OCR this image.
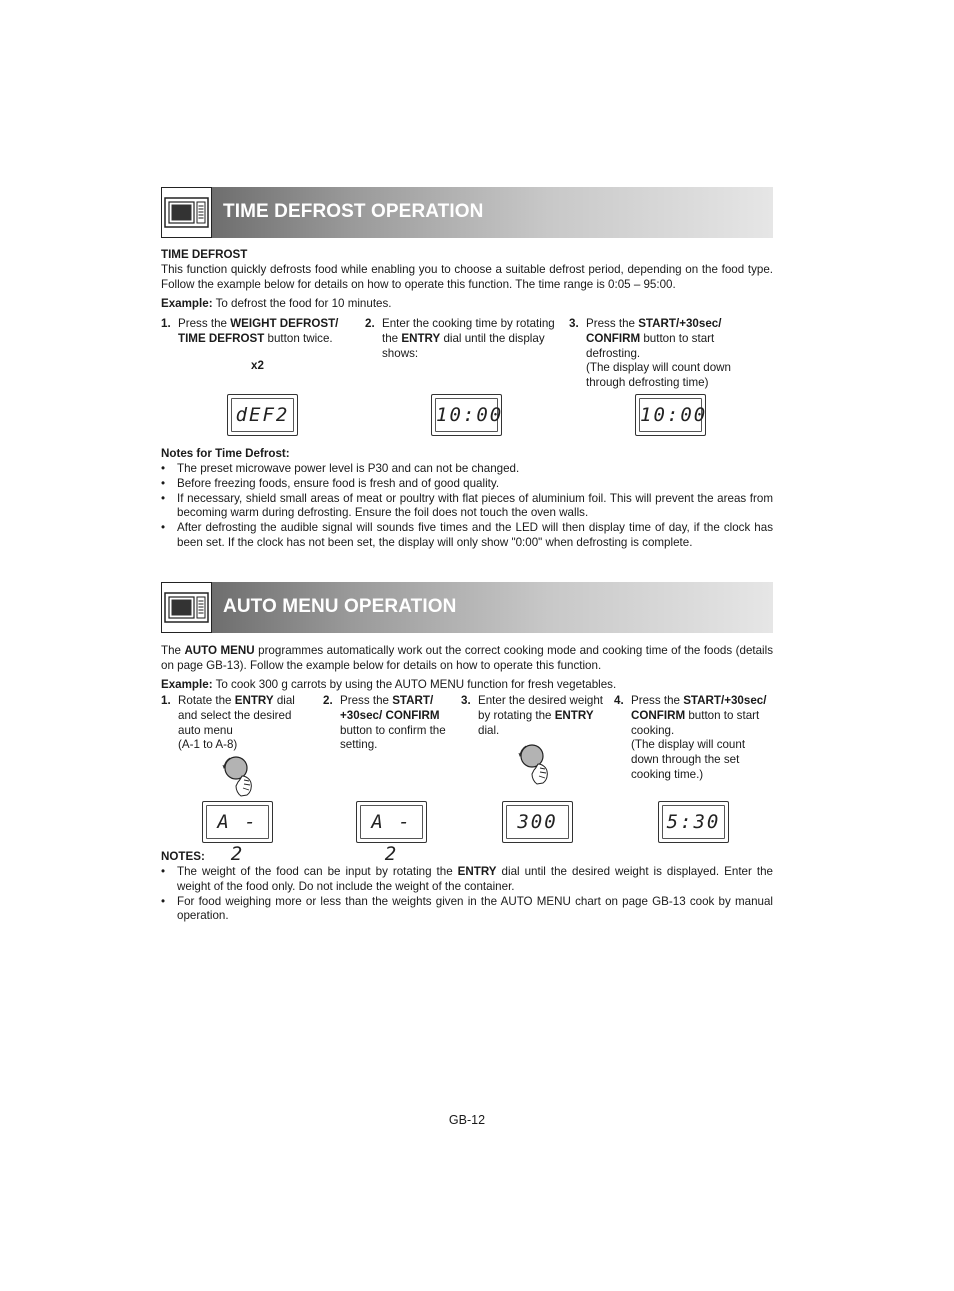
TIME DEFROST OPERATION
TIME DEFROST
This function quickly defrosts food while enabling you to choose a suitable defrost period, depending on the food type. Follow the example below for details on how to operate this function. The time range is 0:05 – 95:00.
Example: To defrost the food for 10 minutes.
1. Press the WEIGHT DEFROST/ TIME DEFROST button twice.
x2
2. Enter the cooking time by rotating the ENTRY dial until the display shows:
3. Press the START/+30sec/ CONFIRM button to start defrosting.
(The display will count down through defrosting time)
dEF2	10:00	10:00
Notes for Time Defrost:
• The preset microwave power level is P30 and can not be changed.
• Before freezing foods, ensure food is fresh and of good quality.
• If necessary, shield small areas of meat or poultry with flat pieces of aluminium foil. This will prevent the areas from becoming warm during defrosting. Ensure the foil does not touch the oven walls.
• After defrosting the audible signal will sounds five times and the LED will then display time of day, if the clock has been set. If the clock has not been set, the display will only show "0:00" when defrosting is complete.
AUTO MENU OPERATION
The AUTO MENU programmes automatically work out the correct cooking mode and cooking time of the foods (details on page GB-13). Follow the example below for details on how to operate this function.
Example: To cook 300 g carrots by using the AUTO MENU function for fresh vegetables.
1. Rotate the ENTRY dial and select the desired auto menu
(A-1 to A-8)
2. Press the START/ +30sec/ CONFIRM button to confirm the setting.
3. Enter the desired weight by rotating the ENTRY dial.
4. Press the START/+30sec/ CONFIRM button to start cooking.
(The display will count down through the set cooking time.)
A - 2
A - 2
300	5:30
NOTES:
• The weight of the food can be input by rotating the ENTRY dial until the desired weight is displayed. Enter the weight of the food only. Do not include the weight of the container.
• For food weighing more or less than the weights given in the AUTO MENU chart on page GB-13 cook by manual operation.
GB-12
